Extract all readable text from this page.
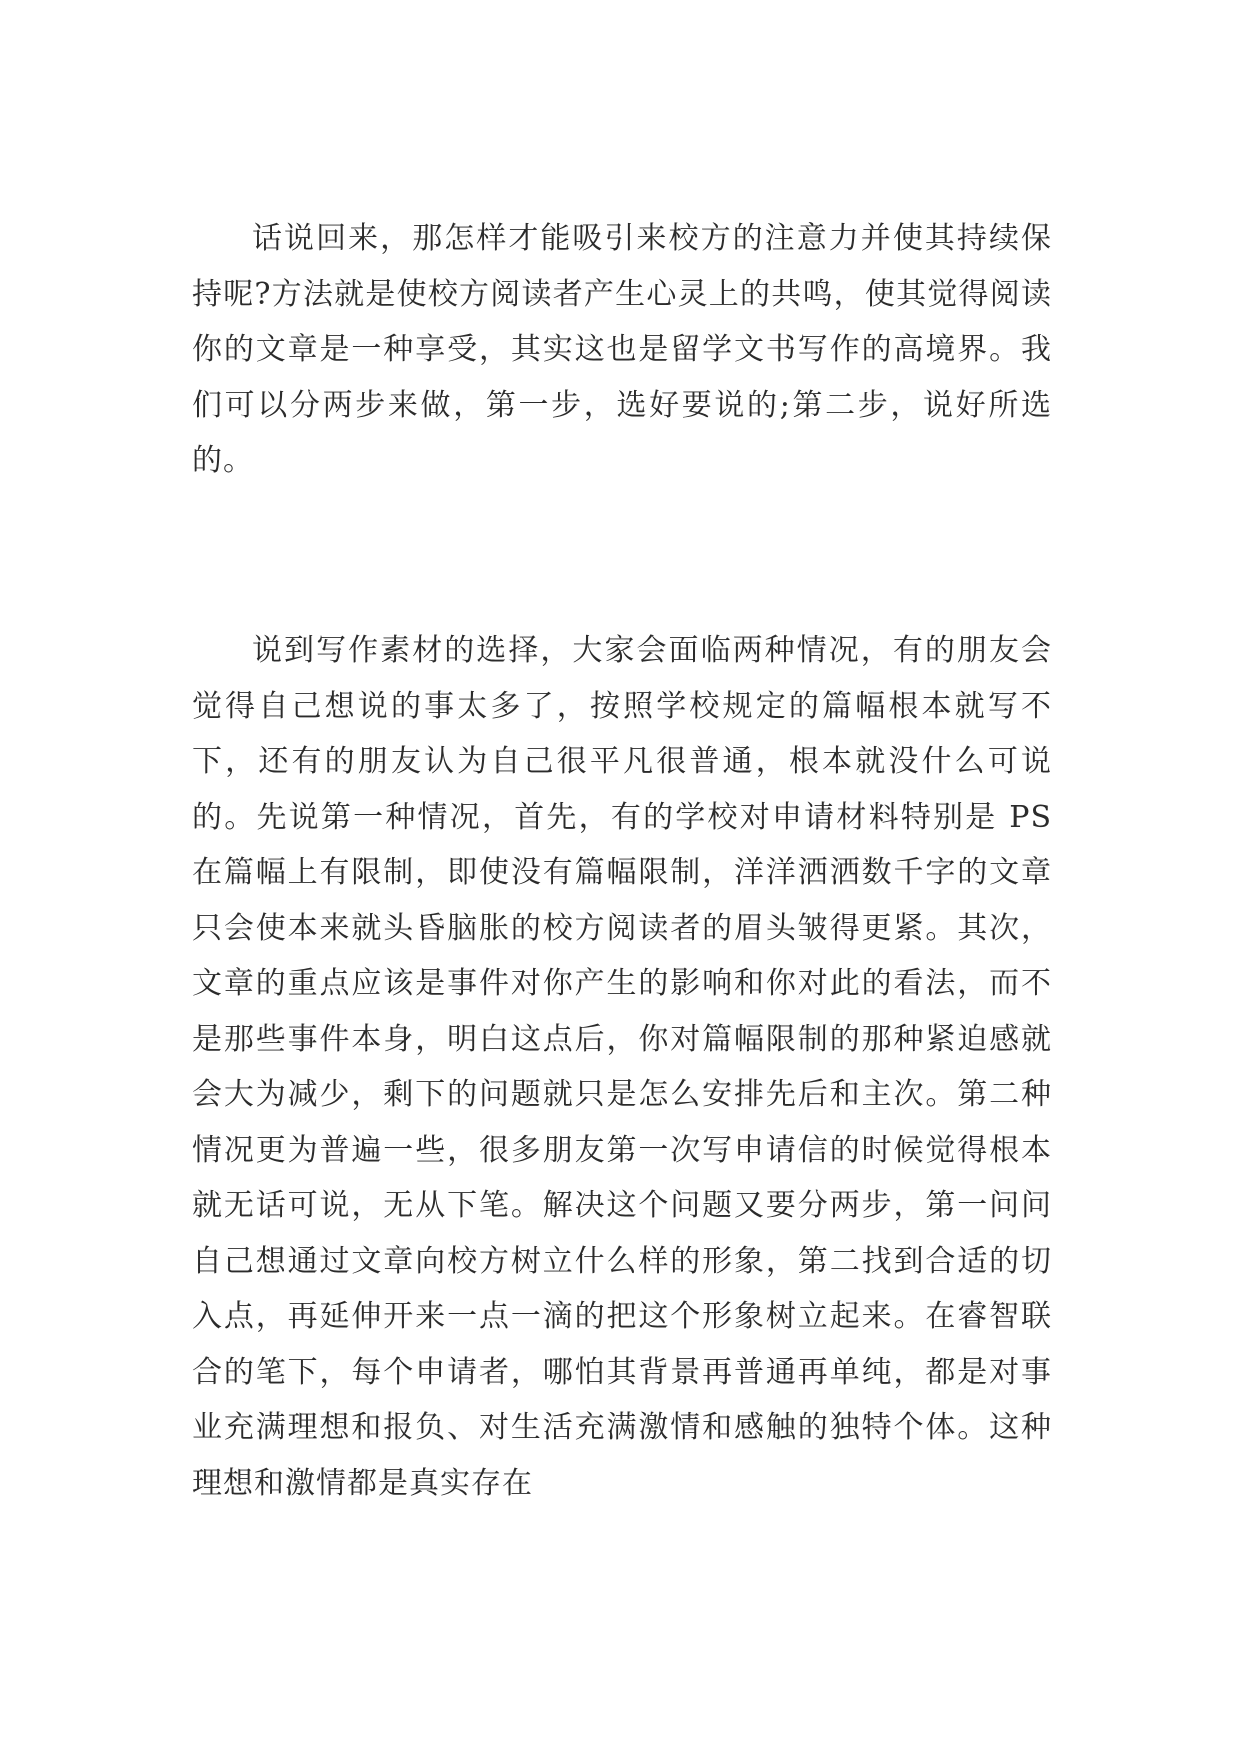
话说回来，那怎样才能吸引来校方的注意力并使其持续保持呢?方法就是使校方阅读者产生心灵上的共鸣，使其觉得阅读你的文章是一种享受，其实这也是留学文书写作的高境界。我们可以分两步来做，第一步，选好要说的;第二步，说好所选的。

说到写作素材的选择，大家会面临两种情况，有的朋友会觉得自己想说的事太多了，按照学校规定的篇幅根本就写不下，还有的朋友认为自己很平凡很普通，根本就没什么可说的。先说第一种情况，首先，有的学校对申请材料特别是 PS 在篇幅上有限制，即使没有篇幅限制，洋洋洒洒数千字的文章只会使本来就头昏脑胀的校方阅读者的眉头皱得更紧。其次，文章的重点应该是事件对你产生的影响和你对此的看法，而不是那些事件本身，明白这点后，你对篇幅限制的那种紧迫感就会大为减少，剩下的问题就只是怎么安排先后和主次。第二种情况更为普遍一些，很多朋友第一次写申请信的时候觉得根本就无话可说，无从下笔。解决这个问题又要分两步，第一问问自己想通过文章向校方树立什么样的形象，第二找到合适的切入点，再延伸开来一点一滴的把这个形象树立起来。在睿智联合的笔下，每个申请者，哪怕其背景再普通再单纯，都是对事业充满理想和报负、对生活充满激情和感触的独特个体。这种理想和激情都是真实存在
